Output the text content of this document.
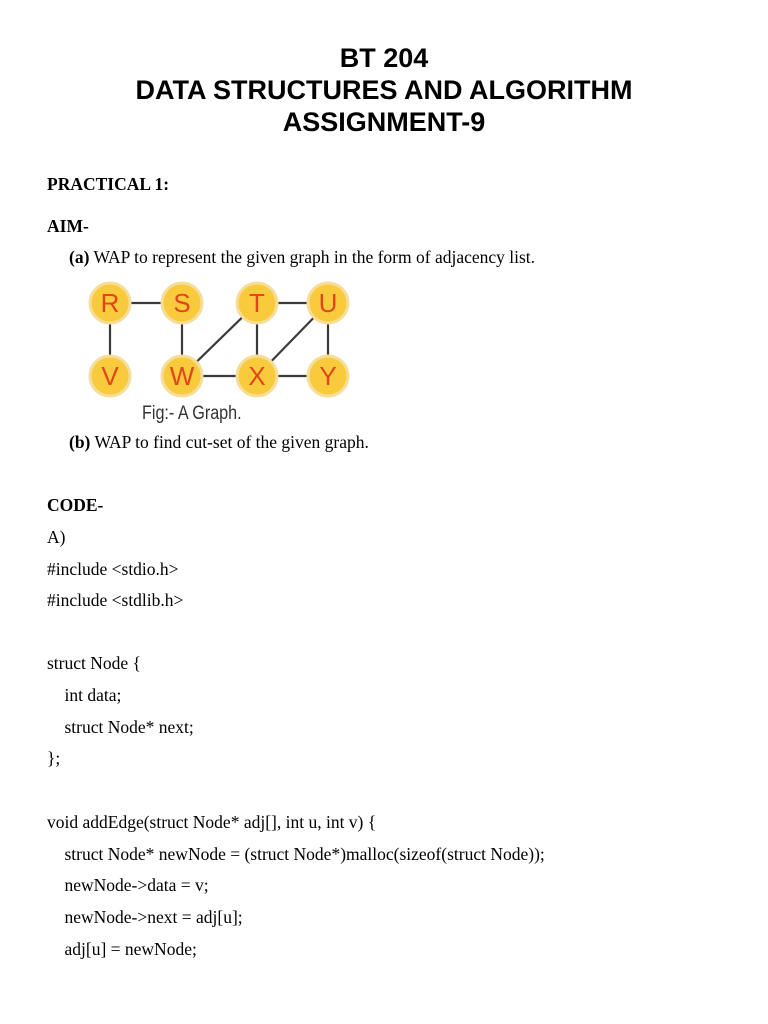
BT 204
DATA STRUCTURES AND ALGORITHM
ASSIGNMENT-9
PRACTICAL 1:
AIM-
(a) WAP to represent the given graph in the form of adjacency list.
R S T U
V W X Y
Fig:- A Graph.
(b) WAP to find cut-set of the given graph.
CODE-
A)
#include <stdio.h>
#include <stdlib.h>
struct Node {
int data;
struct Node* next;
};
void addEdge(struct Node* adj[], int u, int v) {
struct Node* newNode = (struct Node*)malloc(sizeof(struct Node));
newNode->data = v;
newNode->next = adj[u];
adj[u] = newNode;
